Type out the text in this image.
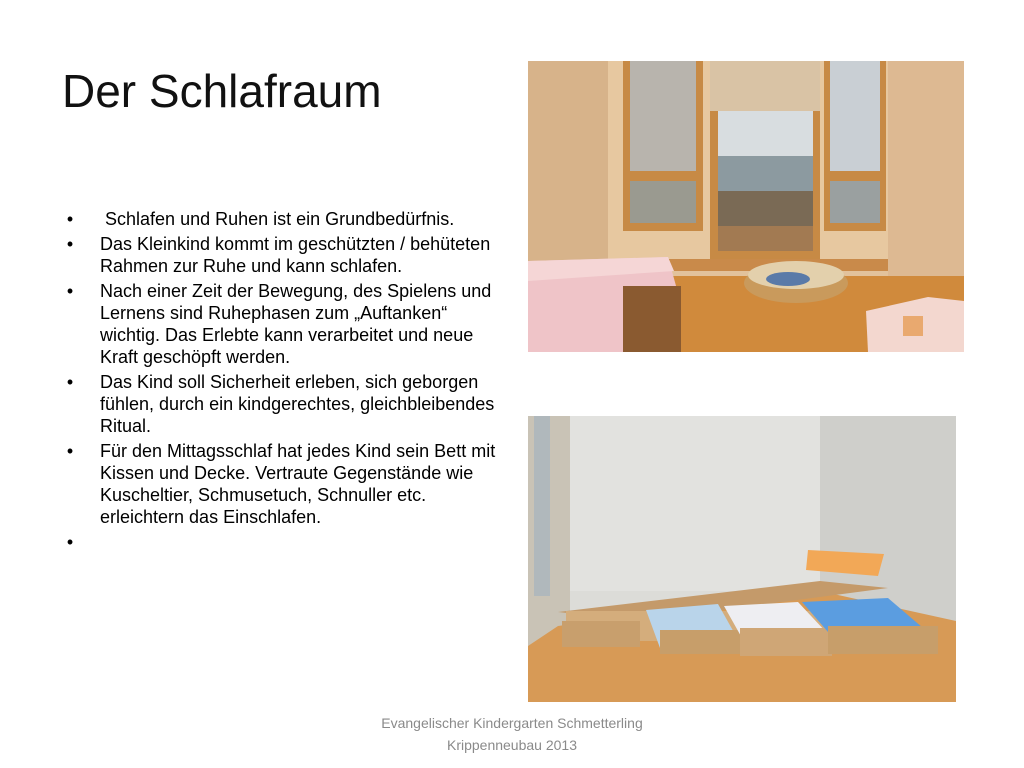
Der Schlafraum
• Schlafen und Ruhen ist ein Grundbedürfnis.
• Das Kleinkind kommt im geschützten / behüteten Rahmen zur Ruhe und kann schlafen.
• Nach einer Zeit der Bewegung, des Spielens und Lernens sind Ruhephasen zum „Auftanken“ wichtig. Das Erlebte kann verarbeitet und neue Kraft geschöpft werden.
• Das Kind soll Sicherheit erleben, sich geborgen fühlen, durch ein kindgerechtes, gleichbleibendes Ritual.
• Für den Mittagsschlaf hat jedes Kind sein Bett mit Kissen und Decke. Vertraute Gegenstände wie Kuscheltier, Schmusetuch, Schnuller etc. erleichtern das Einschlafen.
•
Evangelischer Kindergarten Schmetterling
Krippenneubau 2013
